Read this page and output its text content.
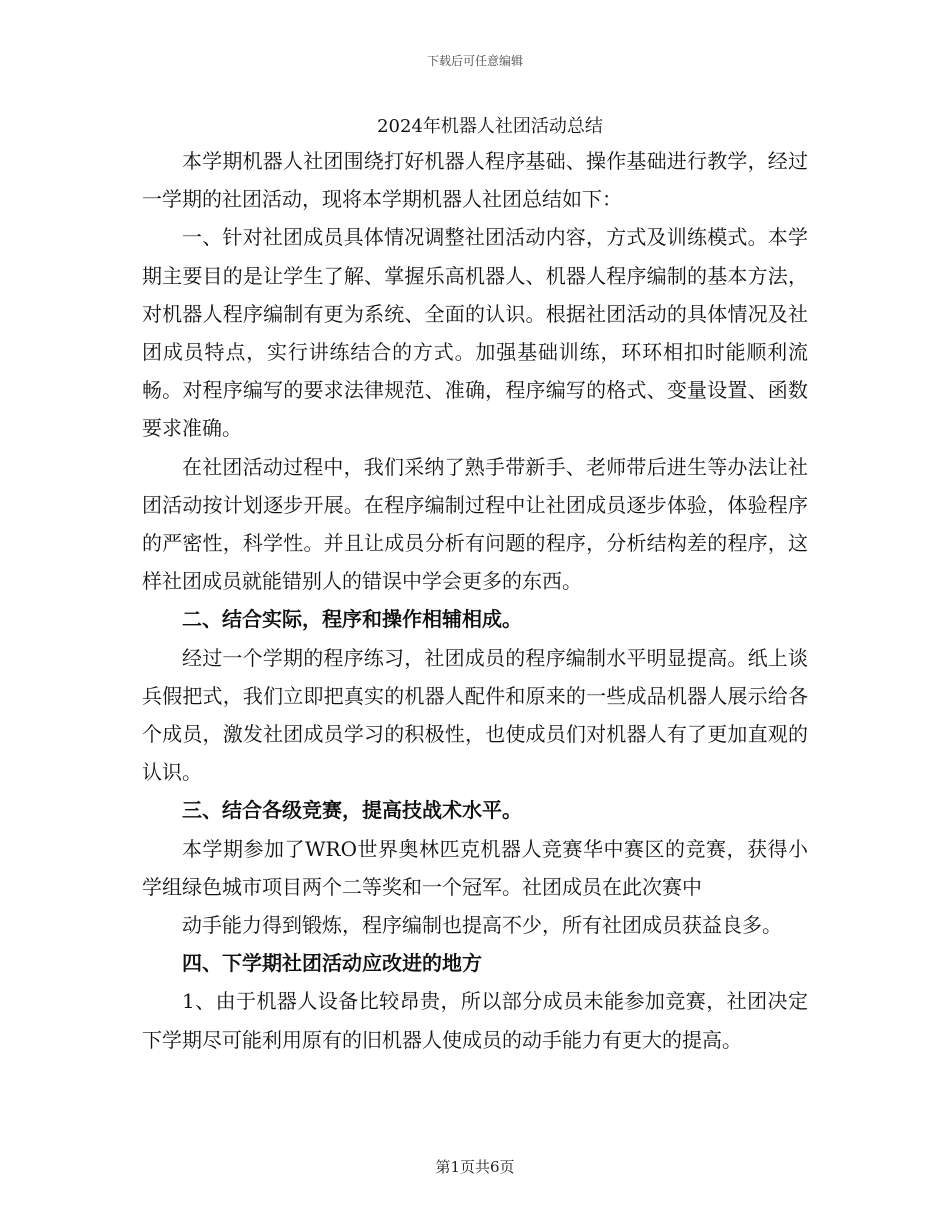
下载后可任意编辑
2024年机器人社团活动总结

本学期机器人社团围绕打好机器人程序基础、操作基础进行教学，经过一学期的社团活动，现将本学期机器人社团总结如下：

一、针对社团成员具体情况调整社团活动内容，方式及训练模式。本学期主要目的是让学生了解、掌握乐高机器人、机器人程序编制的基本方法，对机器人程序编制有更为系统、全面的认识。根据社团活动的具体情况及社团成员特点，实行讲练结合的方式。加强基础训练，环环相扣时能顺利流畅。对程序编写的要求法律规范、准确，程序编写的格式、变量设置、函数要求准确。

在社团活动过程中，我们采纳了熟手带新手、老师带后进生等办法让社团活动按计划逐步开展。在程序编制过程中让社团成员逐步体验，体验程序的严密性，科学性。并且让成员分析有问题的程序，分析结构差的程序，这样社团成员就能错别人的错误中学会更多的东西。

二、结合实际，程序和操作相辅相成。

经过一个学期的程序练习，社团成员的程序编制水平明显提高。纸上谈兵假把式，我们立即把真实的机器人配件和原来的一些成品机器人展示给各个成员，激发社团成员学习的积极性，也使成员们对机器人有了更加直观的认识。

三、结合各级竞赛，提高技战术水平。

本学期参加了WRO世界奥林匹克机器人竞赛华中赛区的竞赛，获得小学组绿色城市项目两个二等奖和一个冠军。社团成员在此次赛中

动手能力得到锻炼，程序编制也提高不少，所有社团成员获益良多。

四、下学期社团活动应改进的地方

1、由于机器人设备比较昂贵，所以部分成员未能参加竞赛，社团决定下学期尽可能利用原有的旧机器人使成员的动手能力有更大的提高。

第1页共6页
